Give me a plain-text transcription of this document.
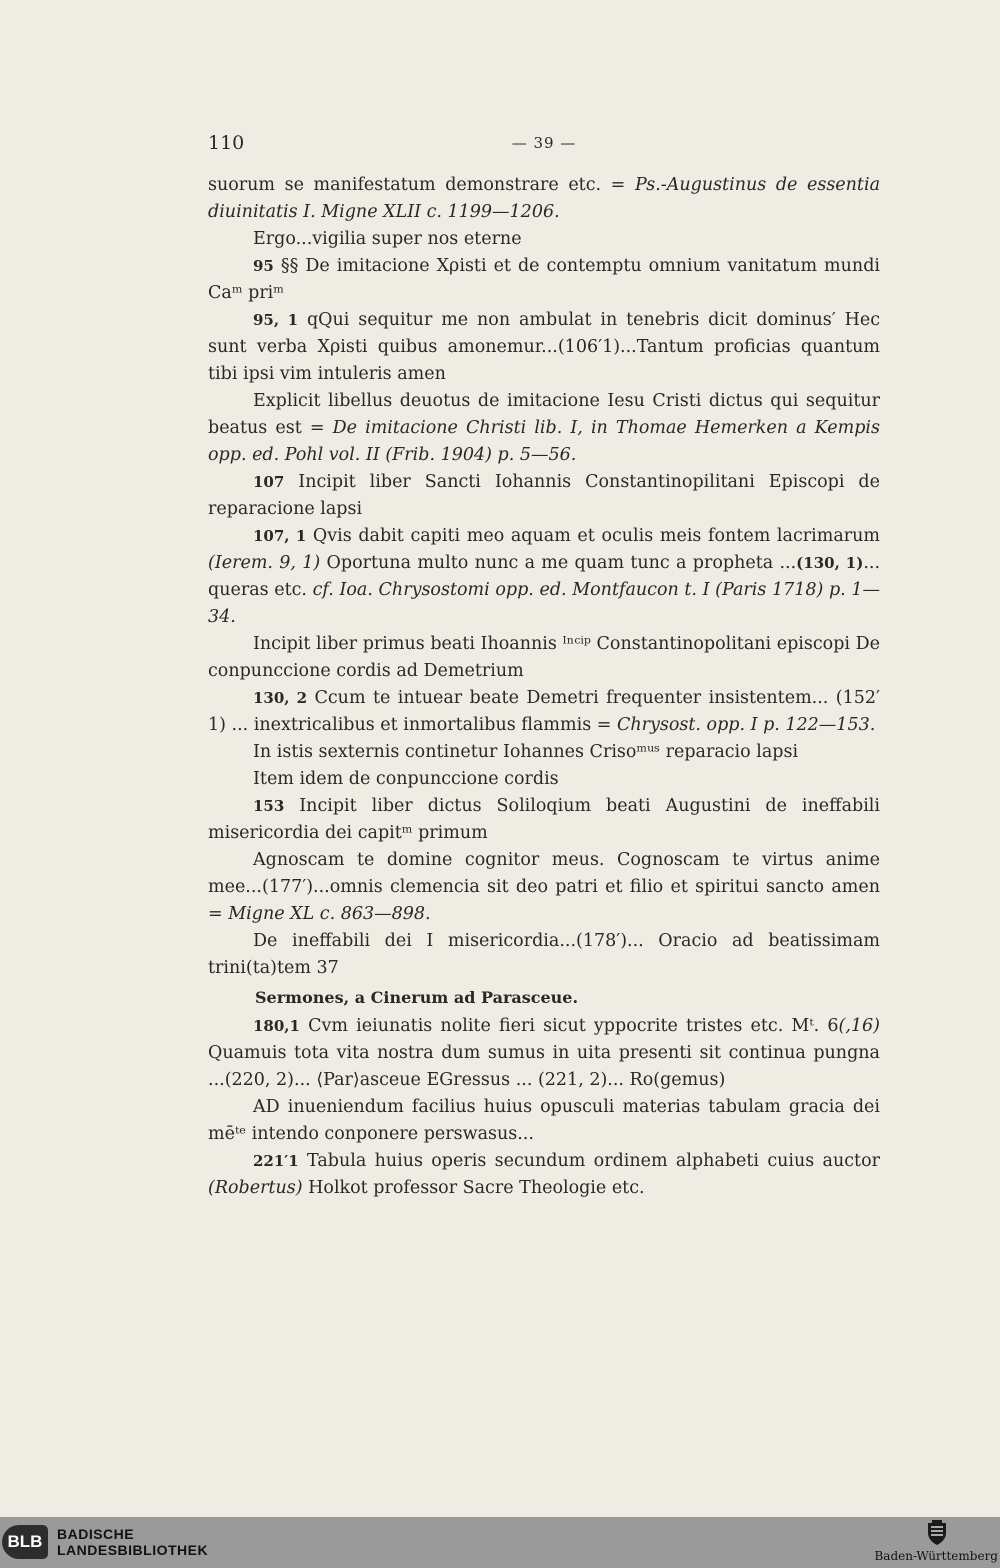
110	— 39 —

suorum se manifestatum demonstrare etc. = Ps.-Augustinus de essentia diuinitatis I. Migne XLII c. 1199—1206.

Ergo...vigilia super nos eterne

95 §§ De imitacione Xρisti et de contemptu omnium vanitatum mundi Caᵐ priᵐ

95, 1 qQui sequitur me non ambulat in tenebris dicit dominus′ Hec sunt verba Xρisti quibus amonemur...(106′1)...Tantum proficias quantum tibi ipsi vim intuleris amen

Explicit libellus deuotus de imitacione Iesu Cristi dictus qui sequitur beatus est = De imitacione Christi lib. I, in Thomae Hemerken a Kempis opp. ed. Pohl vol. II (Frib. 1904) p. 5—56.

107 Incipit liber Sancti Iohannis Constantinopilitani Episcopi de reparacione lapsi

107, 1 Qvis dabit capiti meo aquam et oculis meis fontem lacrimarum (Ierem. 9, 1) Oportuna multo nunc a me quam tunc a propheta ...(130, 1)... queras etc. cf. Ioa. Chrysostomi opp. ed. Montfaucon t. I (Paris 1718) p. 1—34.

Incipit liber primus beati Ihoannis ᴵⁿᶜⁱᵖ Constantinopolitani episcopi De conpunccione cordis ad Demetrium

130, 2 Ccum te intuear beate Demetri frequenter insistentem... (152′ 1) ... inextricalibus et inmortalibus flammis = Chrysost. opp. I p. 122—153.

In istis sexternis continetur Iohannes Crisoᵐᵘˢ reparacio lapsi

Item idem de conpunccione cordis

153 Incipit liber dictus Soliloqium beati Augustini de ineffabili misericordia dei capitᵐ primum

Agnoscam te domine cognitor meus. Cognoscam te virtus anime mee...(177′)...omnis clemencia sit deo patri et filio et spiritui sancto amen = Migne XL c. 863—898.

De ineffabili dei I misericordia...(178′)... Oracio ad beatissimam trini(ta)tem 37

Sermones, a Cinerum ad Parasceue.

180,1 Cvm ieiunatis nolite fieri sicut yppocrite tristes etc. Mᵗ. 6(,16) Quamuis tota vita nostra dum sumus in uita presenti sit continua pungna ...(220, 2)... ⟨Par⟩asceue EGressus ... (221, 2)... Ro(gemus)

AD inueniendum facilius huius opusculi materias tabulam gracia dei mēᵗᵉ intendo conponere perswasus...

221′1 Tabula huius operis secundum ordinem alphabeti cuius auctor (Robertus) Holkot professor Sacre Theologie etc.

BLB	BADISCHE
LANDESBIBLIOTHEK	Baden-Württemberg
